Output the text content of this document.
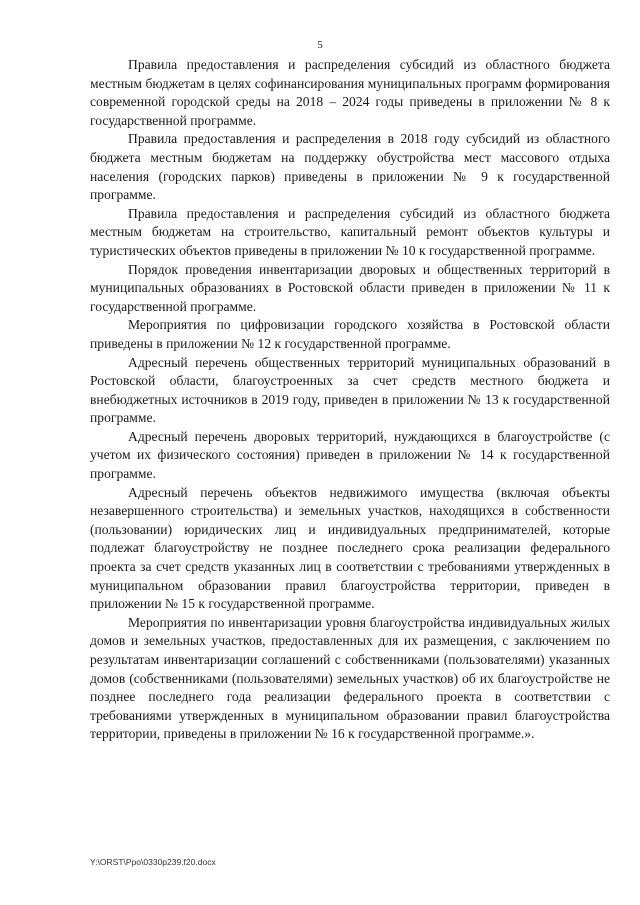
5

Правила предоставления и распределения субсидий из областного бюджета местным бюджетам в целях софинансирования муниципальных программ формирования современной городской среды на 2018 – 2024 годы приведены в приложении № 8 к государственной программе.

Правила предоставления и распределения в 2018 году субсидий из областного бюджета местным бюджетам на поддержку обустройства мест массового отдыха населения (городских парков) приведены в приложении № 9 к государственной программе.

Правила предоставления и распределения субсидий из областного бюджета местным бюджетам на строительство, капитальный ремонт объектов культуры и туристических объектов приведены в приложении № 10 к государственной программе.

Порядок проведения инвентаризации дворовых и общественных территорий в муниципальных образованиях в Ростовской области приведен в приложении № 11 к государственной программе.

Мероприятия по цифровизации городского хозяйства в Ростовской области приведены в приложении № 12 к государственной программе.

Адресный перечень общественных территорий муниципальных образований в Ростовской области, благоустроенных за счет средств местного бюджета и внебюджетных источников в 2019 году, приведен в приложении № 13 к государственной программе.

Адресный перечень дворовых территорий, нуждающихся в благоустройстве (с учетом их физического состояния) приведен в приложении № 14 к государственной программе.

Адресный перечень объектов недвижимого имущества (включая объекты незавершенного строительства) и земельных участков, находящихся в собственности (пользовании) юридических лиц и индивидуальных предпринимателей, которые подлежат благоустройству не позднее последнего срока реализации федерального проекта за счет средств указанных лиц в соответствии с требованиями утвержденных в муниципальном образовании правил благоустройства территории, приведен в приложении № 15 к государственной программе.

Мероприятия по инвентаризации уровня благоустройства индивидуальных жилых домов и земельных участков, предоставленных для их размещения, с заключением по результатам инвентаризации соглашений с собственниками (пользователями) указанных домов (собственниками (пользователями) земельных участков) об их благоустройстве не позднее последнего года реализации федерального проекта в соответствии с требованиями утвержденных в муниципальном образовании правил благоустройства территории, приведены в приложении № 16 к государственной программе.».

Y:\ORST\Ppo\0330p239.f20.docx
